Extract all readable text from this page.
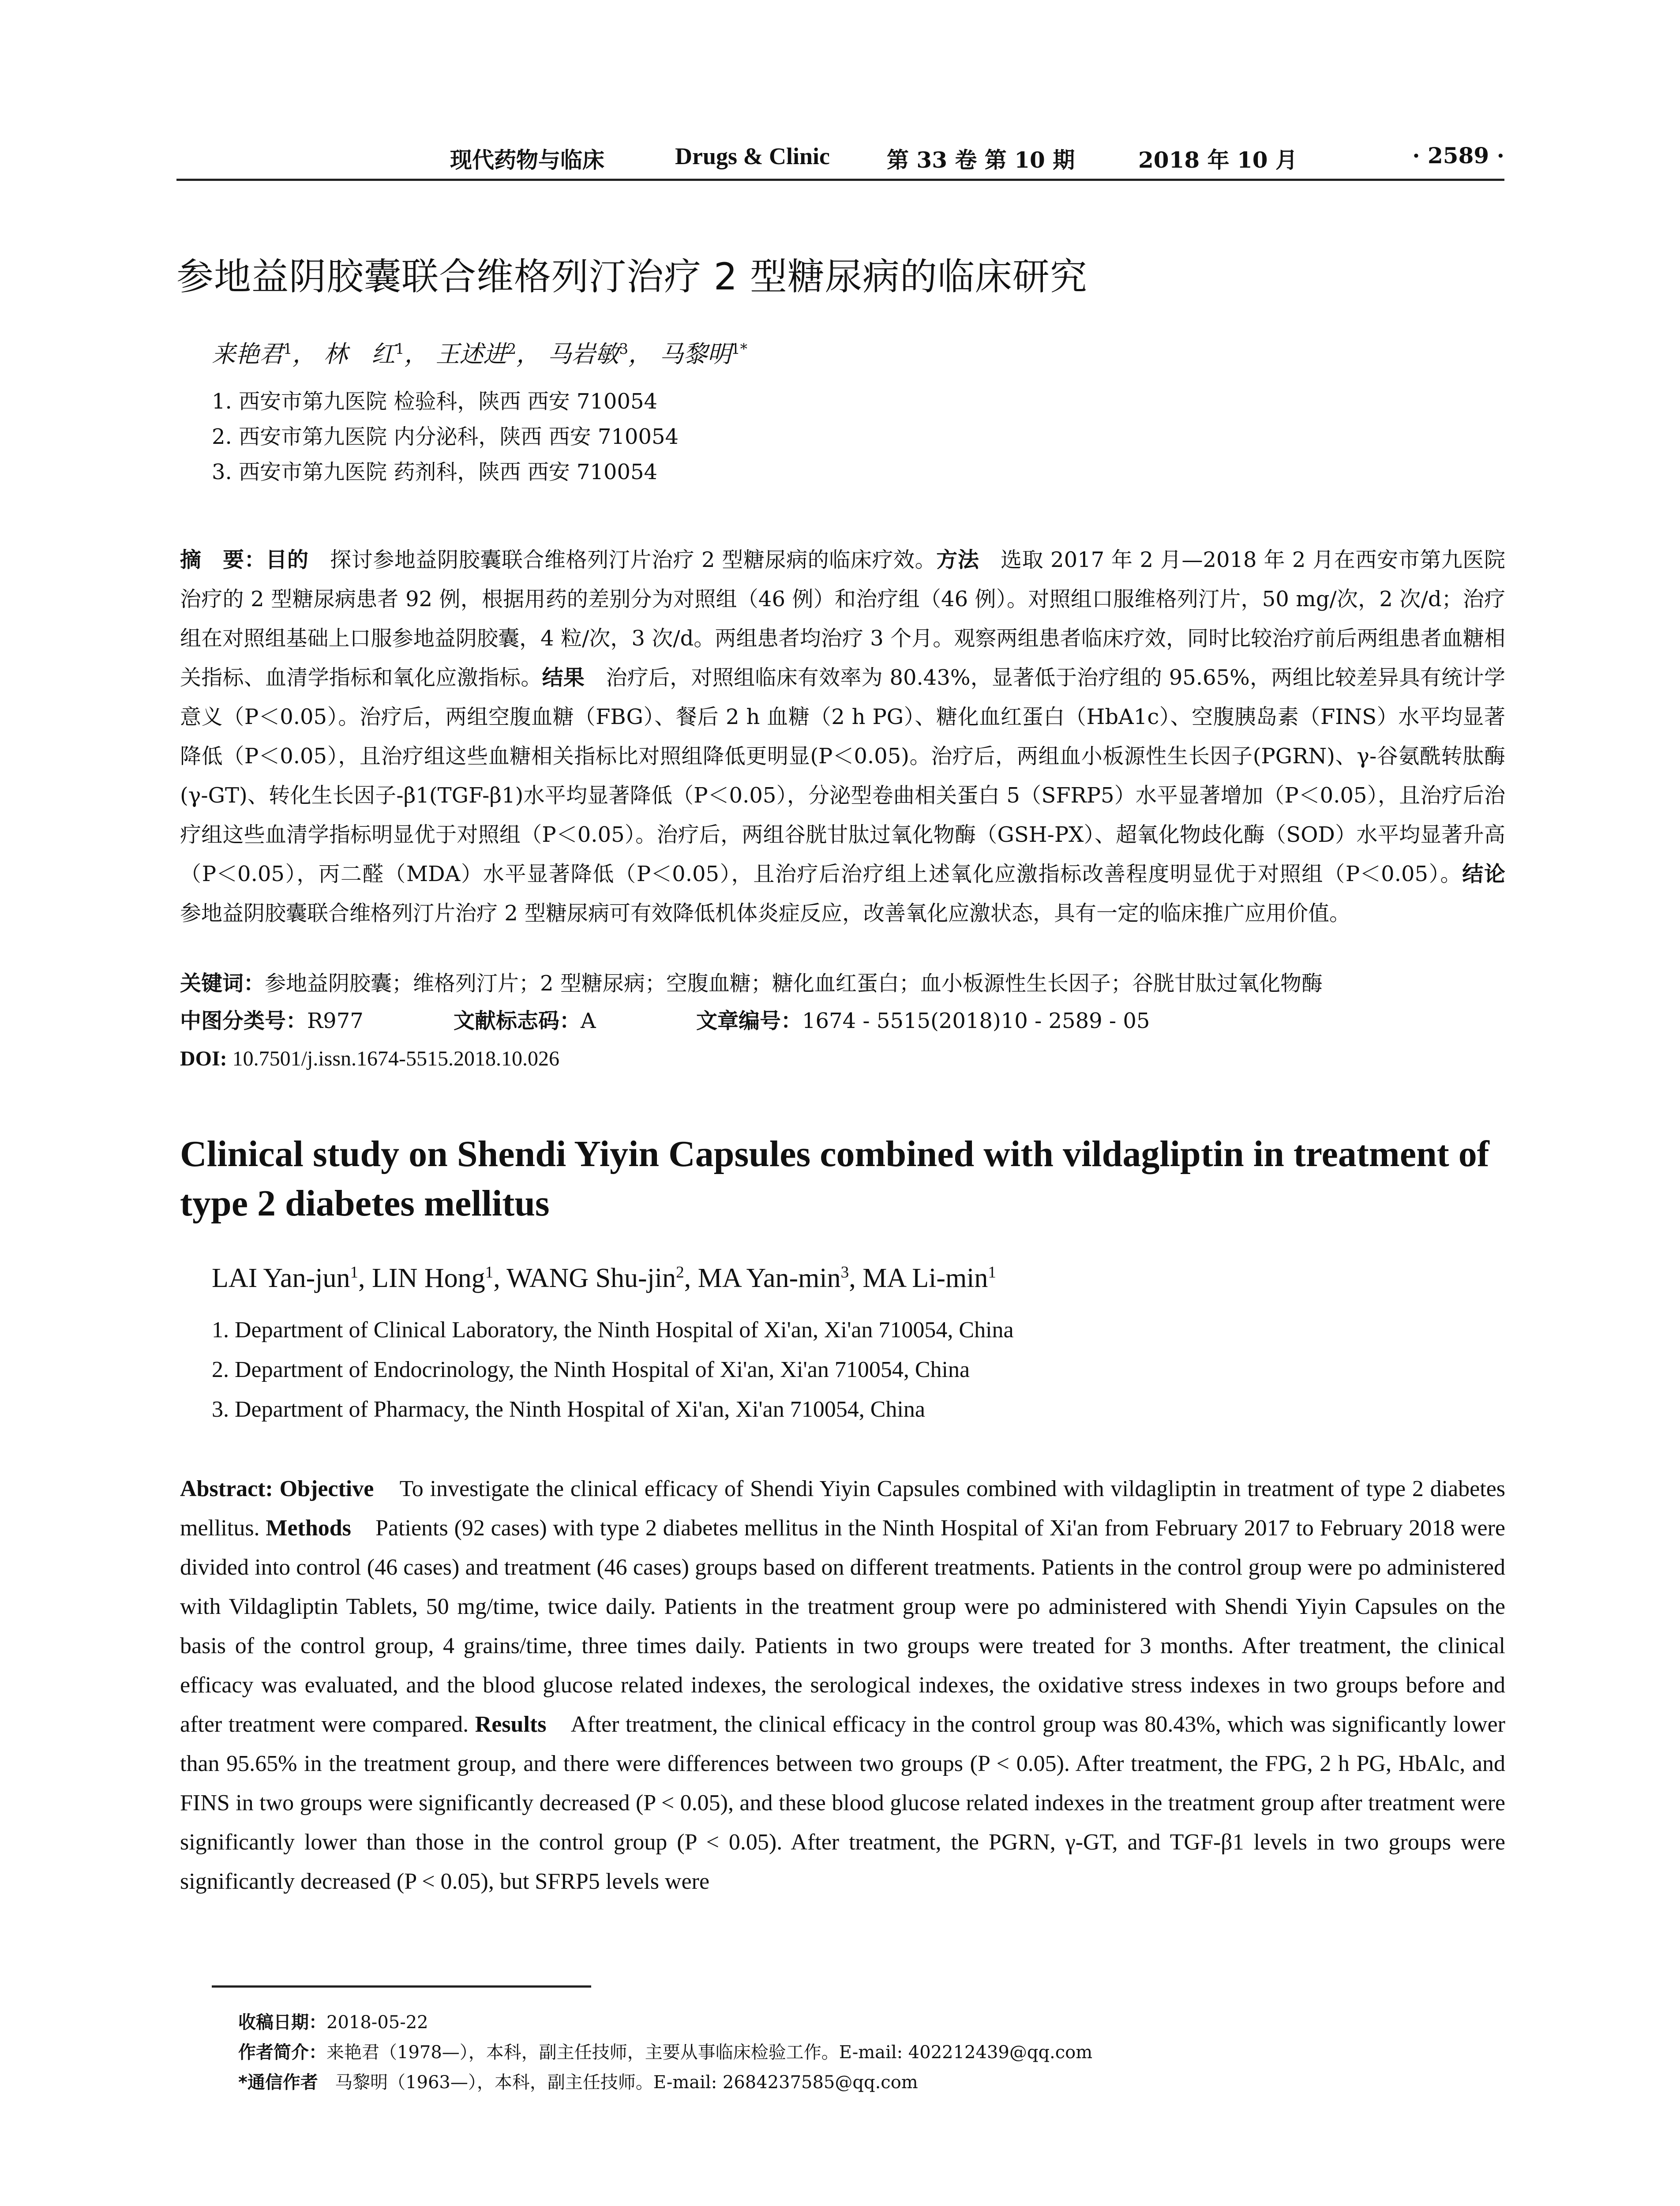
现代药物与临床	Drugs & Clinic	第 33 卷 第 10 期	2018 年 10 月	· 2589 ·
参地益阴胶囊联合维格列汀治疗 2 型糖尿病的临床研究
来艳君$^1$， 林　红$^1$， 王述进$^2$， 马岩敏$^3$， 马黎明$^{1*}$
1. 西安市第九医院 检验科，陕西 西安 710054
2. 西安市第九医院 内分泌科，陕西 西安 710054
3. 西安市第九医院 药剂科，陕西 西安 710054

摘　要：目的　 探讨参地益阴胶囊联合维格列汀片治疗 2 型糖尿病的临床疗效。方法　 选取 2017 年 2 月—2018 年 2 月在西安市第九医院治疗的 2 型糖尿病患者 92 例，根据用药的差别分为对照组（46 例）和治疗组（46 例）。对照组口服维格列汀片，50 mg/次，2 次/d；治疗组在对照组基础上口服参地益阴胶囊，4 粒/次，3 次/d。两组患者均治疗 3 个月。观察两组患者临床疗效，同时比较治疗前后两组患者血糖相关指标、血清学指标和氧化应激指标。结果　 治疗后，对照组临床有效率为 80.43%，显著低于治疗组的 95.65%，两组比较差异具有统计学意义（P＜0.05）。治疗后，两组空腹血糖（FBG）、餐后 2 h 血糖（2 h PG）、糖化血红蛋白（HbA1c）、空腹胰岛素（FINS）水平均显著降低（P＜0.05），且治疗组这些血糖相关指标比对照组降低更明显(P＜0.05)。治疗后，两组血小板源性生长因子(PGRN)、γ-谷氨酰转肽酶(γ-GT)、转化生长因子-β1(TGF-β1)水平均显著降低（P＜0.05），分泌型卷曲相关蛋白 5（SFRP5）水平显著增加（P＜0.05），且治疗后治疗组这些血清学指标明显优于对照组（P＜0.05）。治疗后，两组谷胱甘肽过氧化物酶（GSH-PX）、超氧化物歧化酶（SOD）水平均显著升高（P＜0.05），丙二醛（MDA）水平显著降低（P＜0.05），且治疗后治疗组上述氧化应激指标改善程度明显优于对照组（P＜0.05）。结论　参地益阴胶囊联合维格列汀片治疗 2 型糖尿病可有效降低机体炎症反应，改善氧化应激状态，具有一定的临床推广应用价值。

关键词：参地益阴胶囊；维格列汀片；2 型糖尿病；空腹血糖；糖化血红蛋白；血小板源性生长因子；谷胱甘肽过氧化物酶
中图分类号：R977	文献标志码：A	文章编号：1674 - 5515(2018)10 - 2589 - 05
DOI: 10.7501/j.issn.1674-5515.2018.10.026
Clinical study on Shendi Yiyin Capsules combined with vildagliptin in treatment of type 2 diabetes mellitus
LAI Yan-jun$^1$, LIN Hong$^1$, WANG Shu-jin$^2$, MA Yan-$\min^3$, MA $Li-\min^1$
1. Department of Clinical Laboratory, the Ninth Hospital of Xi'an, Xi'an 710054, China
2. Department of Endocrinology, the Ninth Hospital of Xi'an, Xi'an 710054, China
3. Department of Pharmacy, the Ninth Hospital of Xi'an, Xi'an 710054, China

Abstract: Objective To investigate the clinical efficacy of Shendi Yiyin Capsules combined with vildagliptin in treatment of type 2 diabetes mellitus. Methods Patients (92 cases) with type 2 diabetes mellitus in the Ninth Hospital of Xi'an from February 2017 to February 2018 were divided into control (46 cases) and treatment (46 cases) groups based on different treatments. Patients in the control group were po administered with Vildagliptin Tablets, 50 mg/time, twice daily. Patients in the treatment group were po administered with Shendi Yiyin Capsules on the basis of the control group, 4 grains/time, three times daily. Patients in two groups were treated for 3 months. After treatment, the clinical efficacy was evaluated, and the blood glucose related indexes, the serological indexes, the oxidative stress indexes in two groups before and after treatment were compared. Results After treatment, the clinical efficacy in the control group was 80.43%, which was significantly lower than 95.65% in the treatment group, and there were differences between two groups (P < 0.05). After treatment, the FPG, 2 h PG, HbAlc, and FINS in two groups were significantly decreased (P < 0.05), and these blood glucose related indexes in the treatment group after treatment were significantly lower than those in the control group (P < 0.05). After treatment, the PGRN, γ-GT, and TGF-β1 levels in two groups were significantly decreased (P < 0.05), but SFRP5 levels were

收稿日期：2018-05-22
作者简介：来艳君（1978—），本科，副主任技师，主要从事临床检验工作。E-mail: 402212439@qq.com
*通信作者 马黎明（1963—），本科，副主任技师。E-mail: 2684237585@qq.com
